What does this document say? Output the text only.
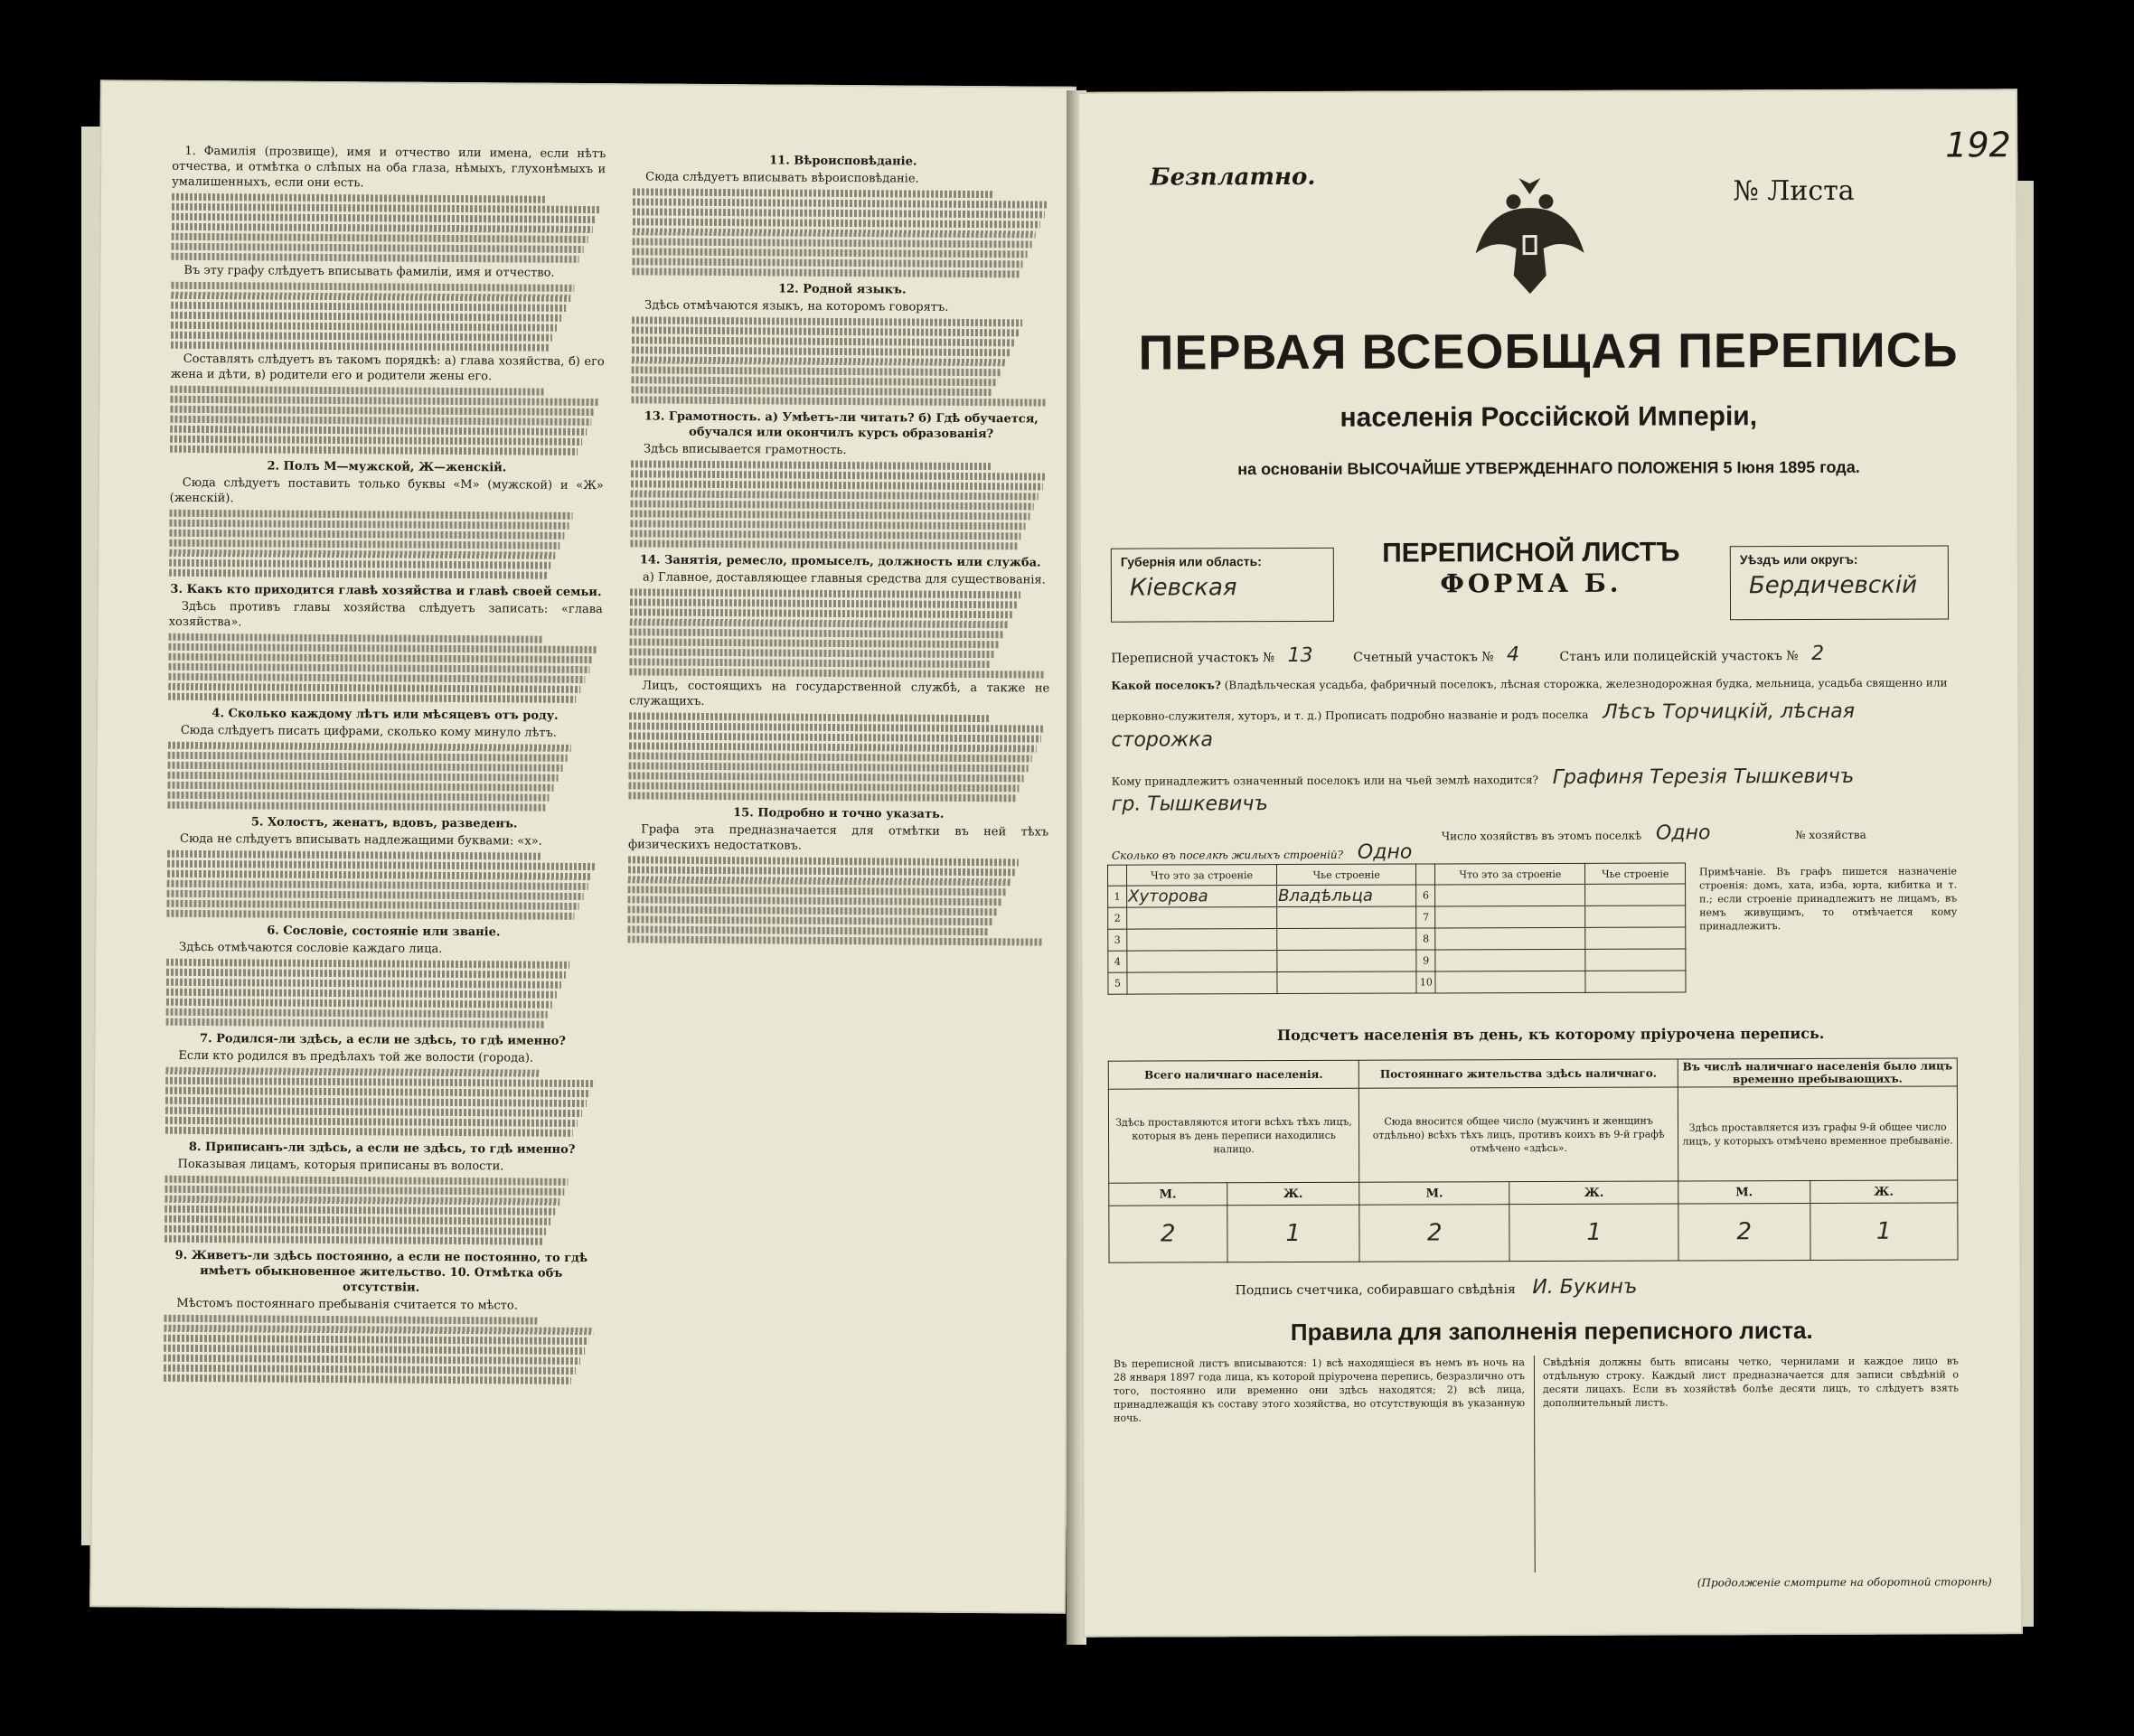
1. Фамилія (прозвище), имя и отчество или имена, если нѣтъ отчества, и отмѣтка о слѣпых на оба глаза, нѣмыхъ, глухонѣмыхъ и умалишенныхъ, если они есть.
Въ эту графу слѣдуетъ вписывать фамиліи, имя и отчество.
Составлять слѣдуетъ въ такомъ порядкѣ: а) глава хозяйства, б) его жена и дѣти, в) родители его и родители жены его.
2. Полъ М—мужской, Ж—женскій.
Сюда слѣдуетъ поставить только буквы «М» (мужской) и «Ж» (женскій).
3. Какъ кто приходится главѣ хозяйства и главѣ своей семьи.
Здѣсь противъ главы хозяйства слѣдуетъ записать: «глава хозяйства».
4. Сколько каждому лѣтъ или мѣсяцевъ отъ роду.
Сюда слѣдуетъ писать цифрами, сколько кому минуло лѣтъ.
5. Холостъ, женатъ, вдовъ, разведенъ.
Сюда не слѣдуетъ вписывать надлежащими буквами: «х».
6. Сословіе, состояніе или званіе.
Здѣсь отмѣчаются сословіе каждаго лица.
7. Родился-ли здѣсь, а если не здѣсь, то гдѣ именно?
Если кто родился въ предѣлахъ той же волости (города).
8. Приписанъ-ли здѣсь, а если не здѣсь, то гдѣ именно?
Показывая лицамъ, которыя приписаны въ волости.
9. Живетъ-ли здѣсь постоянно, а если не постоянно, то гдѣ имѣетъ обыкновенное жительство. 10. Отмѣтка объ отсутствіи.
Мѣстомъ постояннаго пребыванія считается то мѣсто.
11. Вѣроисповѣданіе.
Сюда слѣдуетъ вписывать вѣроисповѣданіе.
12. Родной языкъ.
Здѣсь отмѣчаются языкъ, на которомъ говорятъ.
13. Грамотность. а) Умѣетъ-ли читать? б) Гдѣ обучается, обучался или окончилъ курсъ образованія?
Здѣсь вписывается грамотность.
14. Занятія, ремесло, промыселъ, должность или служба.
а) Главное, доставляющее главныя средства для существованія.
Лицъ, состоящихъ на государственной службѣ, а также не служащихъ.
15. Подробно и точно указать.
Графа эта предназначается для отмѣтки въ ней тѣхъ физическихъ недостатковъ.
Безплатно.	№ Листа
192
ПЕРВАЯ ВСЕОБЩАЯ ПЕРЕПИСЬ
населенія Россійской Имперіи,
на основаніи ВЫСОЧАЙШЕ УТВЕРЖДЕННАГО ПОЛОЖЕНІЯ 5 Іюня 1895 года.
Губернія или область:
Кіевская
ПЕРЕПИСНОЙ ЛИСТЪ
ФОРМА Б.
Уѣздъ или округъ:
Бердичевскій
Переписной участокъ № 13	Счетный участокъ № 4	Станъ или полицейскій участокъ № 2
Какой поселокъ? (Владѣльческая усадьба, фабричный поселокъ, лѣсная сторожка, железнодорожная будка, мельница, усадьба священно или
церковно-служителя, хуторъ, и т. д.) Прописать подробно названіе и родъ поселка Лѣсъ Торчицкій, лѣсная
сторожка
Кому принадлежитъ означенный поселокъ или на чьей землѣ находится? Графиня Терезія Тышкевичъ
гр. Тышкевичъ
Число хозяйствъ въ этомъ поселкѣ Одно	№ хозяйства
Сколько въ поселкѣ жилыхъ строеній? Одно
	Что это за строеніе	Чье строеніе		Что это за строеніе	Чье строеніе
1	Хуторова	Владѣльца	6		
2			7		
3			8		
4			9		
5			10		
Примѣчаніе. Въ графъ пишется назначеніе строенія: домъ, хата, изба, юрта, кибитка и т. п.; если строеніе принадлежитъ не лицамъ, въ немъ живущимъ, то отмѣчается кому принадлежитъ.
Подсчетъ населенія въ день, къ которому пріурочена перепись.
Всего наличнаго населенія.		Постояннаго жительства здѣсь наличнаго.		Въ числѣ наличнаго населенія было лицъ временно пребывающихъ.	
Здѣсь проставляются итоги всѣхъ тѣхъ лицъ, которыя въ день переписи находились налицо.		Сюда вносится общее число (мужчинъ и женщинъ отдѣльно) всѣхъ тѣхъ лицъ, противъ коихъ въ 9-й графѣ отмѣчено «здѣсь».		Здѣсь проставляется изъ графы 9-й общее число лицъ, у которыхъ отмѣчено временное пребываніе.	
М.	Ж.	М.	Ж.	М.	Ж.
2	1	2	1	2	1
Подпись счетчика, собиравшаго свѣдѣнія И. Букинъ
Правила для заполненія переписного листа.
Въ переписной листъ вписываются: 1) всѣ находящіеся въ немъ въ ночь на 28 января 1897 года лица, къ которой пріурочена перепись, безразлично отъ того, постоянно или временно они здѣсь находятся; 2) всѣ лица, принадлежащія къ составу этого хозяйства, но отсутствующія въ указанную ночь.
Свѣдѣнія должны быть вписаны четко, чернилами и каждое лицо въ отдѣльную строку. Каждый лист предназначается для записи свѣдѣній о десяти лицахъ. Если въ хозяйствѣ болѣе десяти лицъ, то слѣдуетъ взять дополнительный листъ.
(Продолженіе смотрите на оборотной сторонѣ)
